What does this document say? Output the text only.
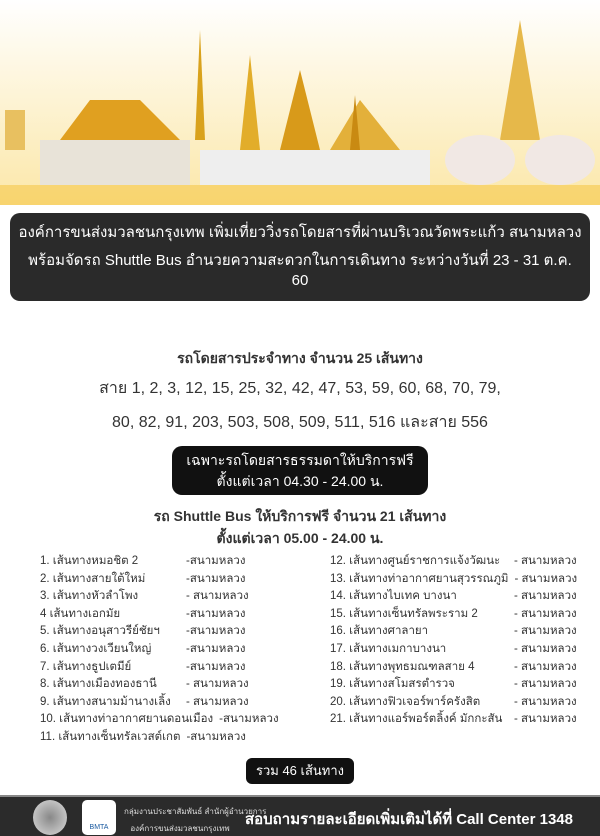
องค์การขนส่งมวลชนกรุงเทพ เพิ่มเที่ยววิ่งรถโดยสารที่ผ่านบริเวณวัดพระแก้ว สนามหลวง
พร้อมจัดรถ Shuttle Bus อำนวยความสะดวกในการเดินทาง ระหว่างวันที่ 23 - 31 ต.ค. 60
รถโดยสารประจำทาง จำนวน 25 เส้นทาง
สาย 1, 2, 3, 12, 15, 25, 32, 42, 47, 53, 59, 60, 68, 70, 79,
80, 82, 91, 203, 503, 508, 509, 511, 516 และสาย 556
เฉพาะรถโดยสารธรรมดาให้บริการฟรี
ตั้งแต่เวลา 04.30 - 24.00 น.
รถ Shuttle Bus ให้บริการฟรี จำนวน 21 เส้นทาง
ตั้งแต่เวลา 05.00 - 24.00 น.
1. เส้นทางหมอชิต 2	-สนามหลวง
2. เส้นทางสายใต้ใหม่	-สนามหลวง
3. เส้นทางหัวลำโพง	- สนามหลวง
4 เส้นทางเอกมัย	-สนามหลวง
5. เส้นทางอนุสาวรีย์ชัยฯ	-สนามหลวง
6. เส้นทางวงเวียนใหญ่	-สนามหลวง
7. เส้นทางธูปเตมีย์	-สนามหลวง
8. เส้นทางเมืองทองธานี	- สนามหลวง
9. เส้นทางสนามม้านางเลิ้ง	- สนามหลวง
10. เส้นทางท่าอากาศยานดอนเมือง -สนามหลวง
11. เส้นทางเซ็นทรัลเวสต์เกต -สนามหลวง
12. เส้นทางศูนย์ราชการแจ้งวัฒนะ	- สนามหลวง
13. เส้นทางท่าอากาศยานสุวรรณภูมิ - สนามหลวง
14. เส้นทางไบเทค บางนา	- สนามหลวง
15. เส้นทางเซ็นทรัลพระราม 2	- สนามหลวง
16. เส้นทางศาลายา	- สนามหลวง
17. เส้นทางเมกาบางนา	- สนามหลวง
18. เส้นทางพุทธมณฑลสาย 4	- สนามหลวง
19. เส้นทางสโมสรตำรวจ	- สนามหลวง
20. เส้นทางฟิวเจอร์พาร์ครังสิต	- สนามหลวง
21. เส้นทางแอร์พอร์ตลิ้งค์ มักกะสัน	- สนามหลวง
รวม 46 เส้นทาง
BMTA
กลุ่มงานประชาสัมพันธ์ สำนักผู้อำนวยการ
องค์การขนส่งมวลชนกรุงเทพ
สอบถามรายละเอียดเพิ่มเติมได้ที่ Call Center 1348
